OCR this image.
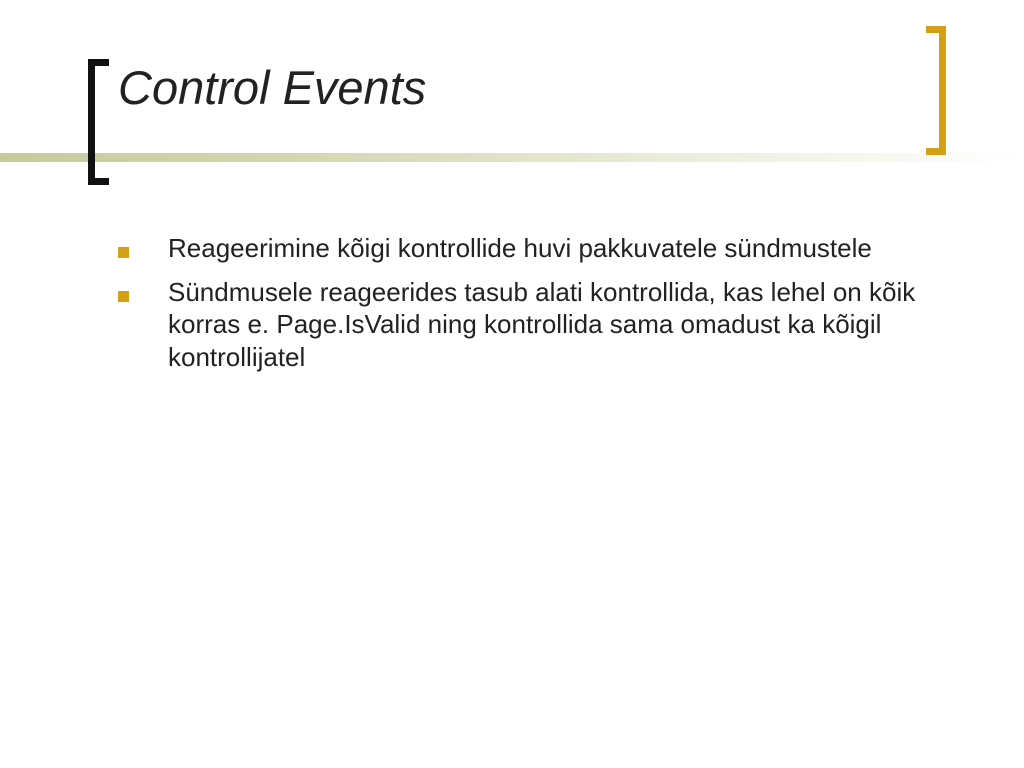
Control Events
Reageerimine kõigi kontrollide huvi pakkuvatele sündmustele
Sündmusele reageerides tasub alati kontrollida, kas lehel on kõik korras e. Page.IsValid ning kontrollida sama omadust ka kõigil kontrollijatel
